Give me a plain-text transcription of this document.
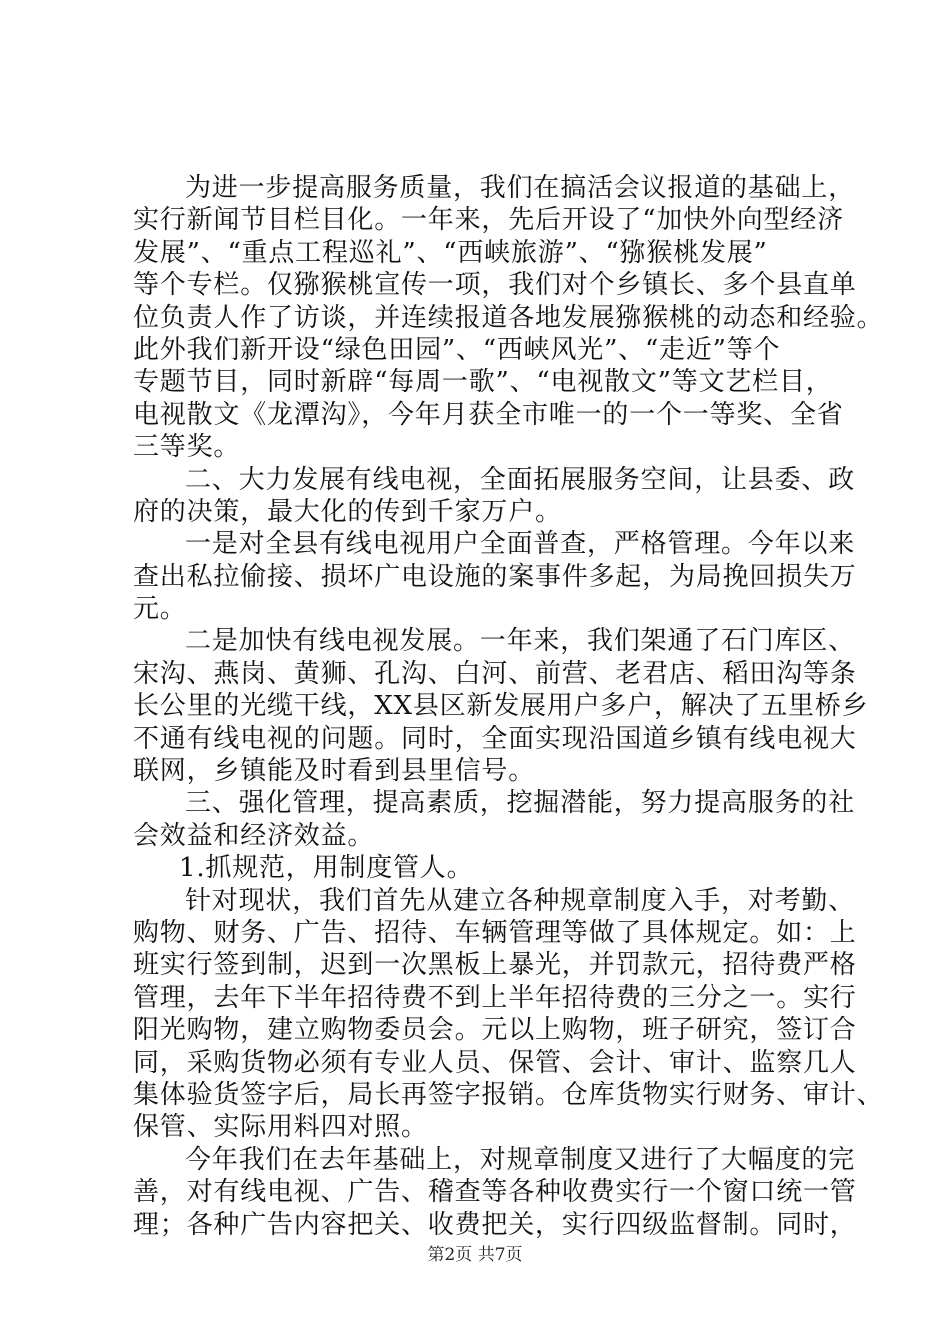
为进一步提高服务质量，我们在搞活会议报道的基础上，
实行新闻节目栏目化。一年来，先后开设了“加快外向型经济
发展”、“重点工程巡礼”、“西峡旅游”、“猕猴桃发展”
等个专栏。仅猕猴桃宣传一项，我们对个乡镇长、多个县直单
位负责人作了访谈，并连续报道各地发展猕猴桃的动态和经验。
此外我们新开设“绿色田园”、“西峡风光”、“走近”等个
专题节目，同时新辟“每周一歌”、“电视散文”等文艺栏目，
电视散文《龙潭沟》，今年月获全市唯一的一个一等奖、全省
三等奖。
二、大力发展有线电视，全面拓展服务空间，让县委、政
府的决策，最大化的传到千家万户。
一是对全县有线电视用户全面普查，严格管理。今年以来
查出私拉偷接、损坏广电设施的案事件多起，为局挽回损失万
元。
二是加快有线电视发展。一年来，我们架通了石门库区、
宋沟、燕岗、黄狮、孔沟、白河、前营、老君店、稻田沟等条
长公里的光缆干线，XX县区新发展用户多户，解决了五里桥乡
不通有线电视的问题。同时，全面实现沿国道乡镇有线电视大
联网，乡镇能及时看到县里信号。
三、强化管理，提高素质，挖掘潜能，努力提高服务的社
会效益和经济效益。
1.抓规范，用制度管人。
针对现状，我们首先从建立各种规章制度入手，对考勤、
购物、财务、广告、招待、车辆管理等做了具体规定。如：上
班实行签到制，迟到一次黑板上暴光，并罚款元，招待费严格
管理，去年下半年招待费不到上半年招待费的三分之一。实行
阳光购物，建立购物委员会。元以上购物，班子研究，签订合
同，采购货物必须有专业人员、保管、会计、审计、监察几人
集体验货签字后，局长再签字报销。仓库货物实行财务、审计、
保管、实际用料四对照。
今年我们在去年基础上，对规章制度又进行了大幅度的完
善，对有线电视、广告、稽查等各种收费实行一个窗口统一管
理；各种广告内容把关、收费把关，实行四级监督制。同时，
第2页 共7页
